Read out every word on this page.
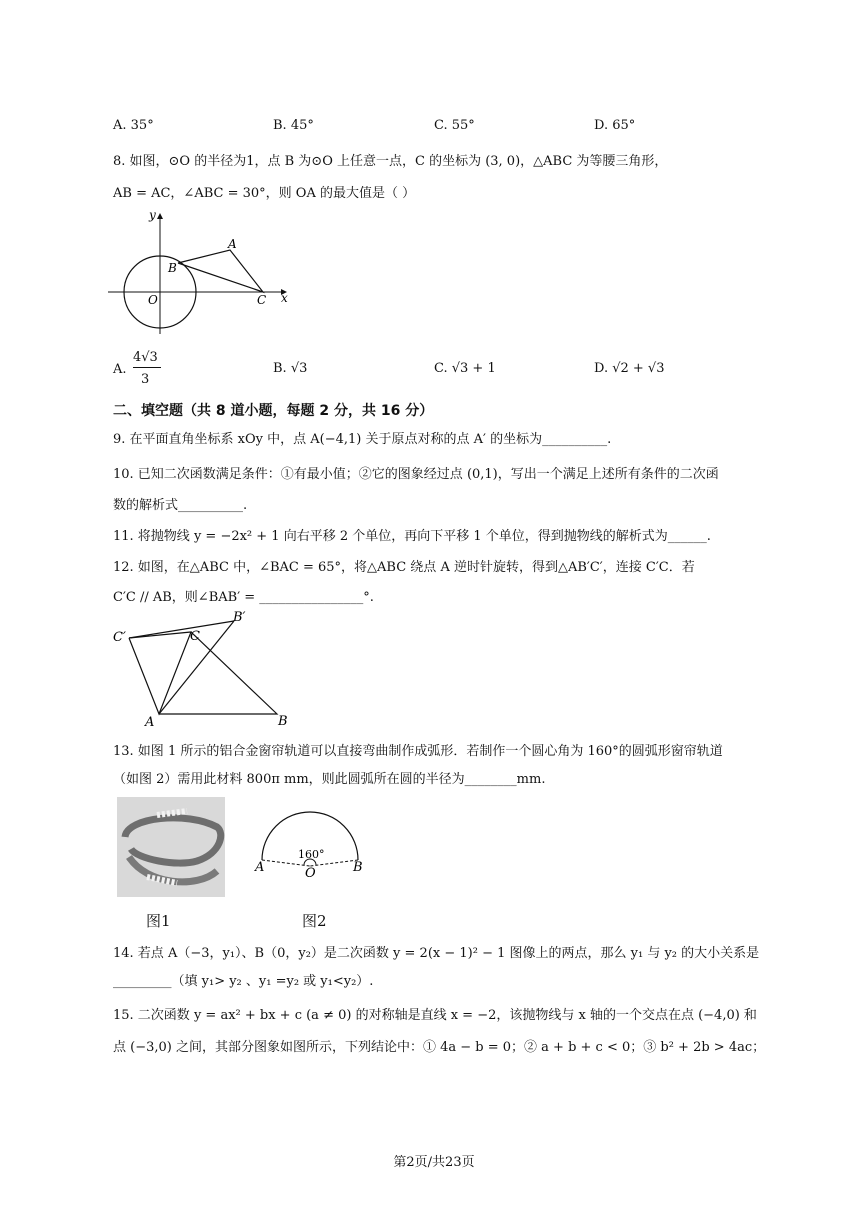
A. 35°	B. 45°	C. 55°	D. 65°
8. 如图，⊙O 的半径为1，点 B 为⊙O 上任意一点，C 的坐标为 (3, 0)，△ABC 为等腰三角形，
AB = AC，∠ABC = 30°，则 OA 的最大值是（ ）
y
x
O
A
B
C
A.
4√3
3
B. √3	C. √3 + 1	D. √2 + √3
二、填空题（共 8 道小题，每题 2 分，共 16 分）
9. 在平面直角坐标系 xOy 中，点 A(−4,1) 关于原点对称的点 A′ 的坐标为__________.
10. 已知二次函数满足条件：①有最小值；②它的图象经过点 (0,1)，写出一个满足上述所有条件的二次函
数的解析式__________.
11. 将抛物线 y = −2x² + 1 向右平移 2 个单位，再向下平移 1 个单位，得到抛物线的解析式为______.
12. 如图，在△ABC 中，∠BAC = 65°，将△ABC 绕点 A 逆时针旋转，得到△AB′C′，连接 C′C．若
C′C // AB，则∠BAB′ = ________________°.
C′	C
B′
A	B
13. 如图 1 所示的铝合金窗帘轨道可以直接弯曲制作成弧形．若制作一个圆心角为 160°的圆弧形窗帘轨道
（如图 2）需用此材料 800π mm，则此圆弧所在圆的半径为________mm.
160°
A	O	B
图1	图2
14. 若点 A（−3，y₁）、B（0，y₂）是二次函数 y = 2(x − 1)² − 1 图像上的两点，那么 y₁ 与 y₂ 的大小关系是
_________（填 y₁> y₂ 、y₁ =y₂ 或 y₁<y₂）.
15. 二次函数 y = ax² + bx + c (a ≠ 0) 的对称轴是直线 x = −2，该抛物线与 x 轴的一个交点在点 (−4,0) 和
点 (−3,0) 之间，其部分图象如图所示，下列结论中：① 4a − b = 0；② a + b + c < 0；③ b² + 2b > 4ac；
第2页/共23页
